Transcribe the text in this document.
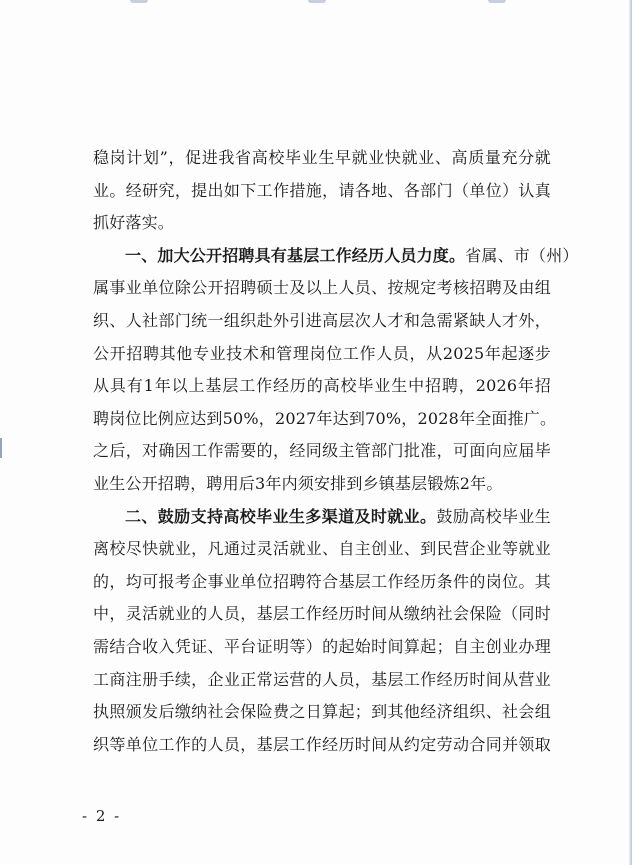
稳岗计划”，促进我省高校毕业生早就业快就业、高质量充分就
业。经研究，提出如下工作措施，请各地、各部门（单位）认真
抓好落实。
一、加大公开招聘具有基层工作经历人员力度。省属、市（州）
属事业单位除公开招聘硕士及以上人员、按规定考核招聘及由组
织、人社部门统一组织赴外引进高层次人才和急需紧缺人才外，
公开招聘其他专业技术和管理岗位工作人员，从2025年起逐步
从具有1年以上基层工作经历的高校毕业生中招聘，2026年招
聘岗位比例应达到50%，2027年达到70%，2028年全面推广。
之后，对确因工作需要的，经同级主管部门批准，可面向应届毕
业生公开招聘，聘用后3年内须安排到乡镇基层锻炼2年。
二、鼓励支持高校毕业生多渠道及时就业。鼓励高校毕业生
离校尽快就业，凡通过灵活就业、自主创业、到民营企业等就业
的，均可报考企事业单位招聘符合基层工作经历条件的岗位。其
中，灵活就业的人员，基层工作经历时间从缴纳社会保险（同时
需结合收入凭证、平台证明等）的起始时间算起；自主创业办理
工商注册手续，企业正常运营的人员，基层工作经历时间从营业
执照颁发后缴纳社会保险费之日算起；到其他经济组织、社会组
织等单位工作的人员，基层工作经历时间从约定劳动合同并领取
- 2 -
